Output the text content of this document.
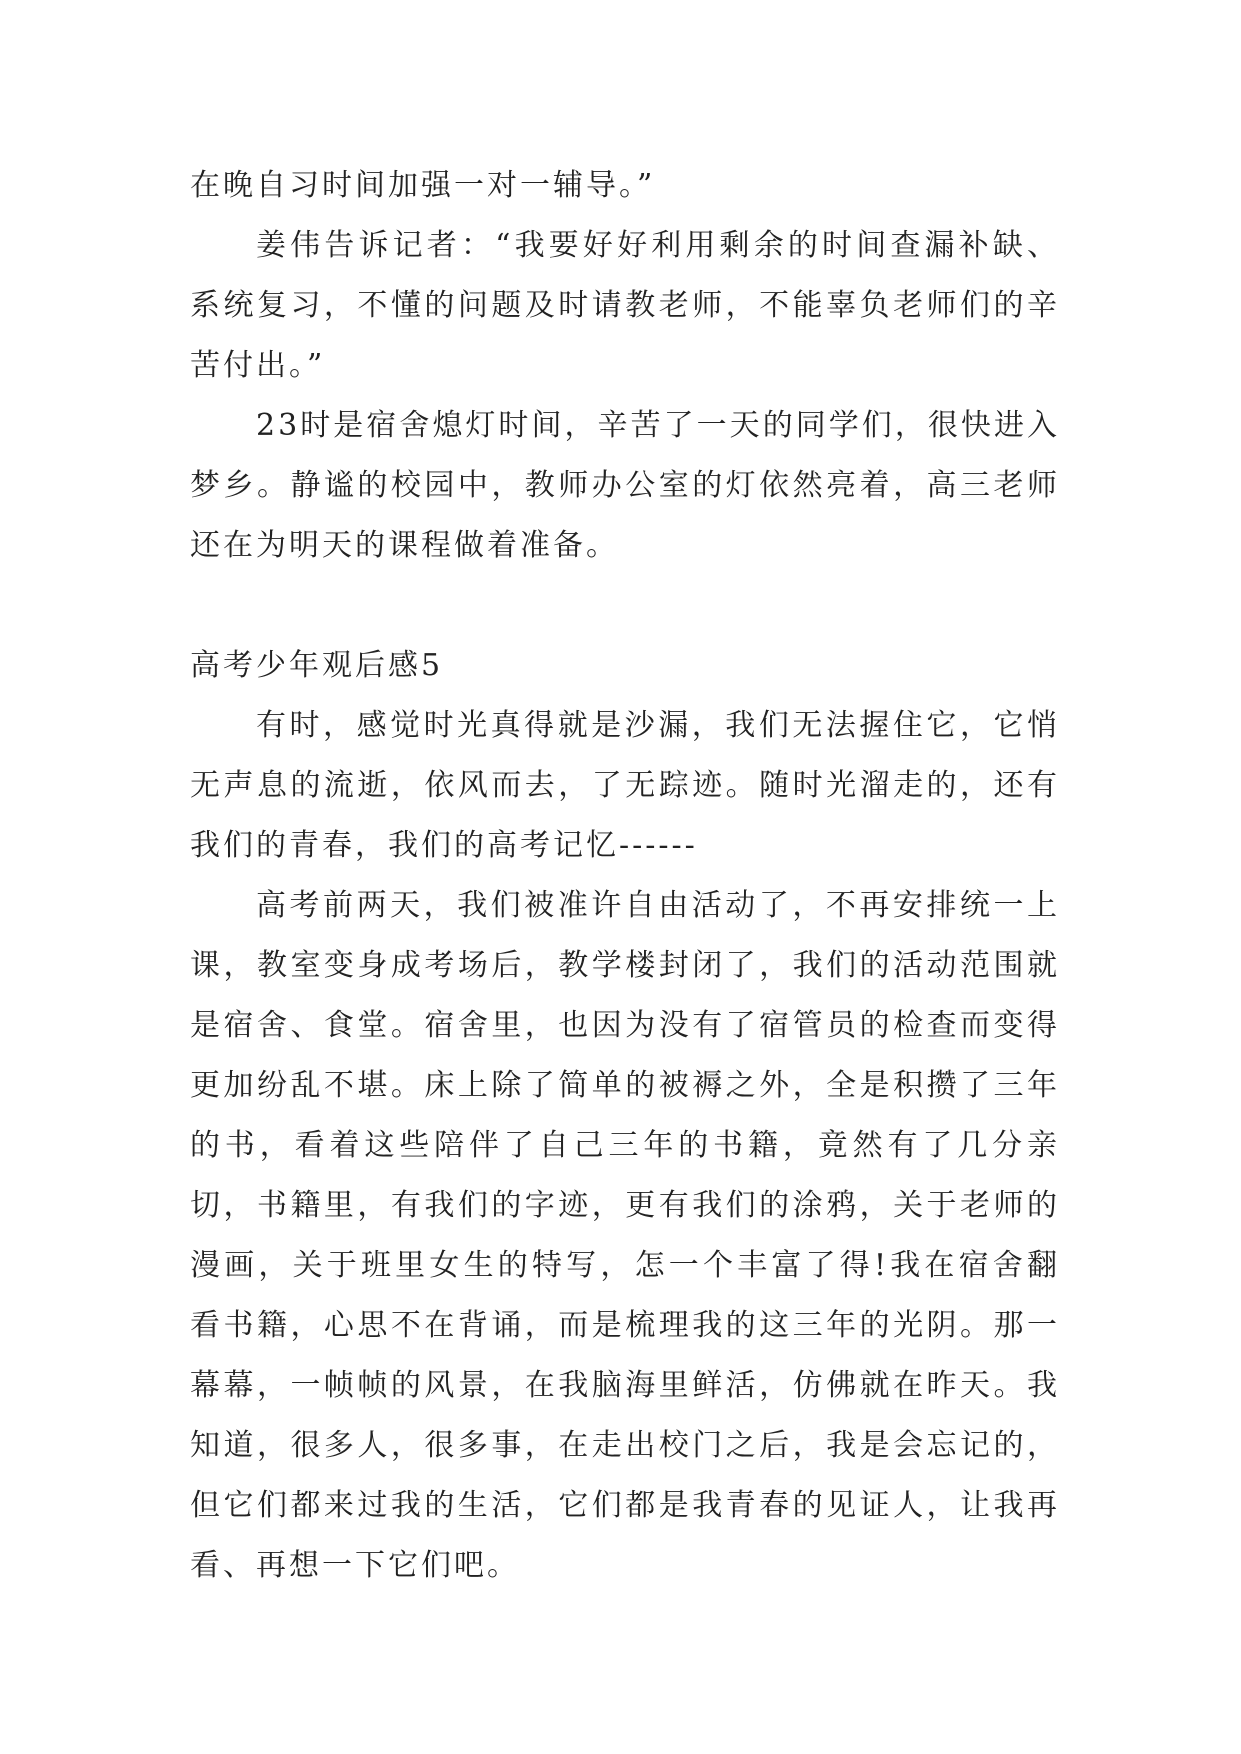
在晚自习时间加强一对一辅导。”

姜伟告诉记者：“我要好好利用剩余的时间查漏补缺、系统复习，不懂的问题及时请教老师，不能辜负老师们的辛苦付出。”

23时是宿舍熄灯时间，辛苦了一天的同学们，很快进入梦乡。静谧的校园中，教师办公室的灯依然亮着，高三老师还在为明天的课程做着准备。

高考少年观后感5

有时，感觉时光真得就是沙漏，我们无法握住它，它悄无声息的流逝，依风而去，了无踪迹。随时光溜走的，还有我们的青春，我们的高考记忆------

高考前两天，我们被准许自由活动了，不再安排统一上课，教室变身成考场后，教学楼封闭了，我们的活动范围就是宿舍、食堂。宿舍里，也因为没有了宿管员的检查而变得更加纷乱不堪。床上除了简单的被褥之外，全是积攒了三年的书，看着这些陪伴了自己三年的书籍，竟然有了几分亲切，书籍里，有我们的字迹，更有我们的涂鸦，关于老师的漫画，关于班里女生的特写，怎一个丰富了得!我在宿舍翻看书籍，心思不在背诵，而是梳理我的这三年的光阴。那一幕幕，一帧帧的风景，在我脑海里鲜活，仿佛就在昨天。我知道，很多人，很多事，在走出校门之后，我是会忘记的，但它们都来过我的生活，它们都是我青春的见证人，让我再看、再想一下它们吧。
